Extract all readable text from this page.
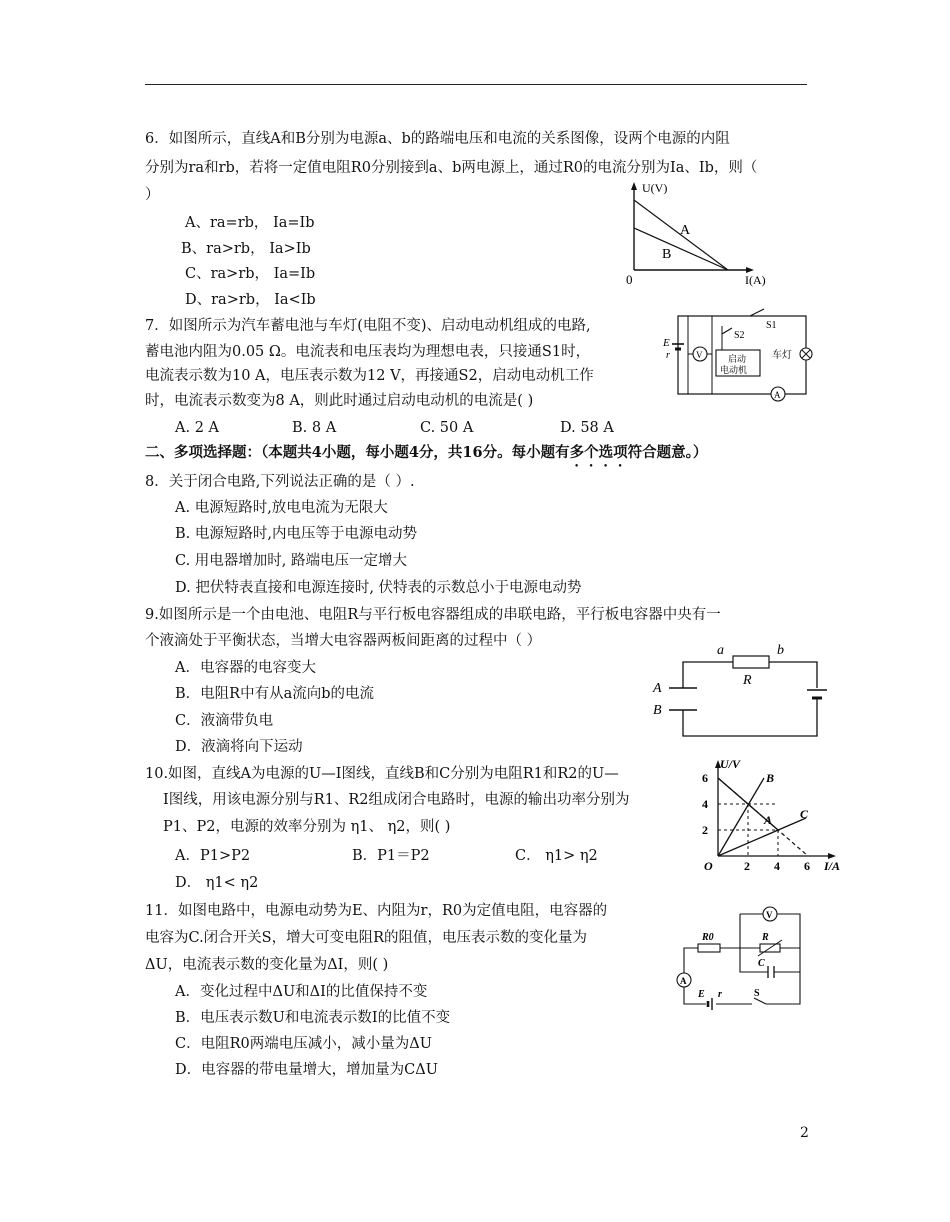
6．如图所示，直线A和B分别为电源a、b的路端电压和电流的关系图像，设两个电源的内阻
分别为ra和rb，若将一定值电阻R0分别接到a、b两电源上，通过R0的电流分别为Ia、Ib，则（
）
A、ra=rb， Ia=Ib
B、ra>rb， Ia>Ib
C、ra>rb， Ia=Ib
D、ra>rb， Ia<Ib
U(V)
I(A)
0
A
B
7．如图所示为汽车蓄电池与车灯(电阻不变)、启动电动机组成的电路,
蓄电池内阻为0.05 Ω。电流表和电压表均为理想电表，只接通S1时，
电流表示数为10 A，电压表示数为12 V，再接通S2，启动电动机工作
时，电流表示数变为8 A，则此时通过启动电动机的电流是( )
A. 2 A	B. 8 A	C. 50 A	D. 58 A
E
r	V
S1
S2
启动
电动机
车灯
A
二、多项选择题：（本题共4小题，每小题4分，共16分。每小题有多个选项符合题意。）
8．关于闭合电路,下列说法正确的是（ ）.
A. 电源短路时,放电电流为无限大
B. 电源短路时,内电压等于电源电动势
C. 用电器增加时, 路端电压一定增大
D. 把伏特表直接和电源连接时, 伏特表的示数总小于电源电动势
9.如图所示是一个由电池、电阻R与平行板电容器组成的串联电路，平行板电容器中央有一
个液滴处于平衡状态，当增大电容器两板间距离的过程中（ ）
A．电容器的电容变大
B．电阻R中有从a流向b的电流
C．液滴带负电
D．液滴将向下运动
A
B
a	b
R
10.如图，直线A为电源的U—I图线，直线B和C分别为电阻R1和R2的U—
I图线，用该电源分别与R1、R2组成闭合电路时，电源的输出功率分别为
P1、P2，电源的效率分别为 η1、 η2，则( )
A．P1>P2	B．P1＝P2	C． η1> η2
D． η1< η2
6
4
2
2 4 6
O
U/V
I/A
B
A C
11．如图电路中，电源电动势为E、内阻为r，R0为定值电阻，电容器的
电容为C.闭合开关S，增大可变电阻R的阻值，电压表示数的变化量为
ΔU，电流表示数的变化量为ΔI，则( )
A．变化过程中ΔU和ΔI的比值保持不变
B．电压表示数U和电流表示数I的比值不变
C．电阻R0两端电压减小，减小量为ΔU
D．电容器的带电量增大，增加量为CΔU
V
R0	R
C
S
E r
A
2
